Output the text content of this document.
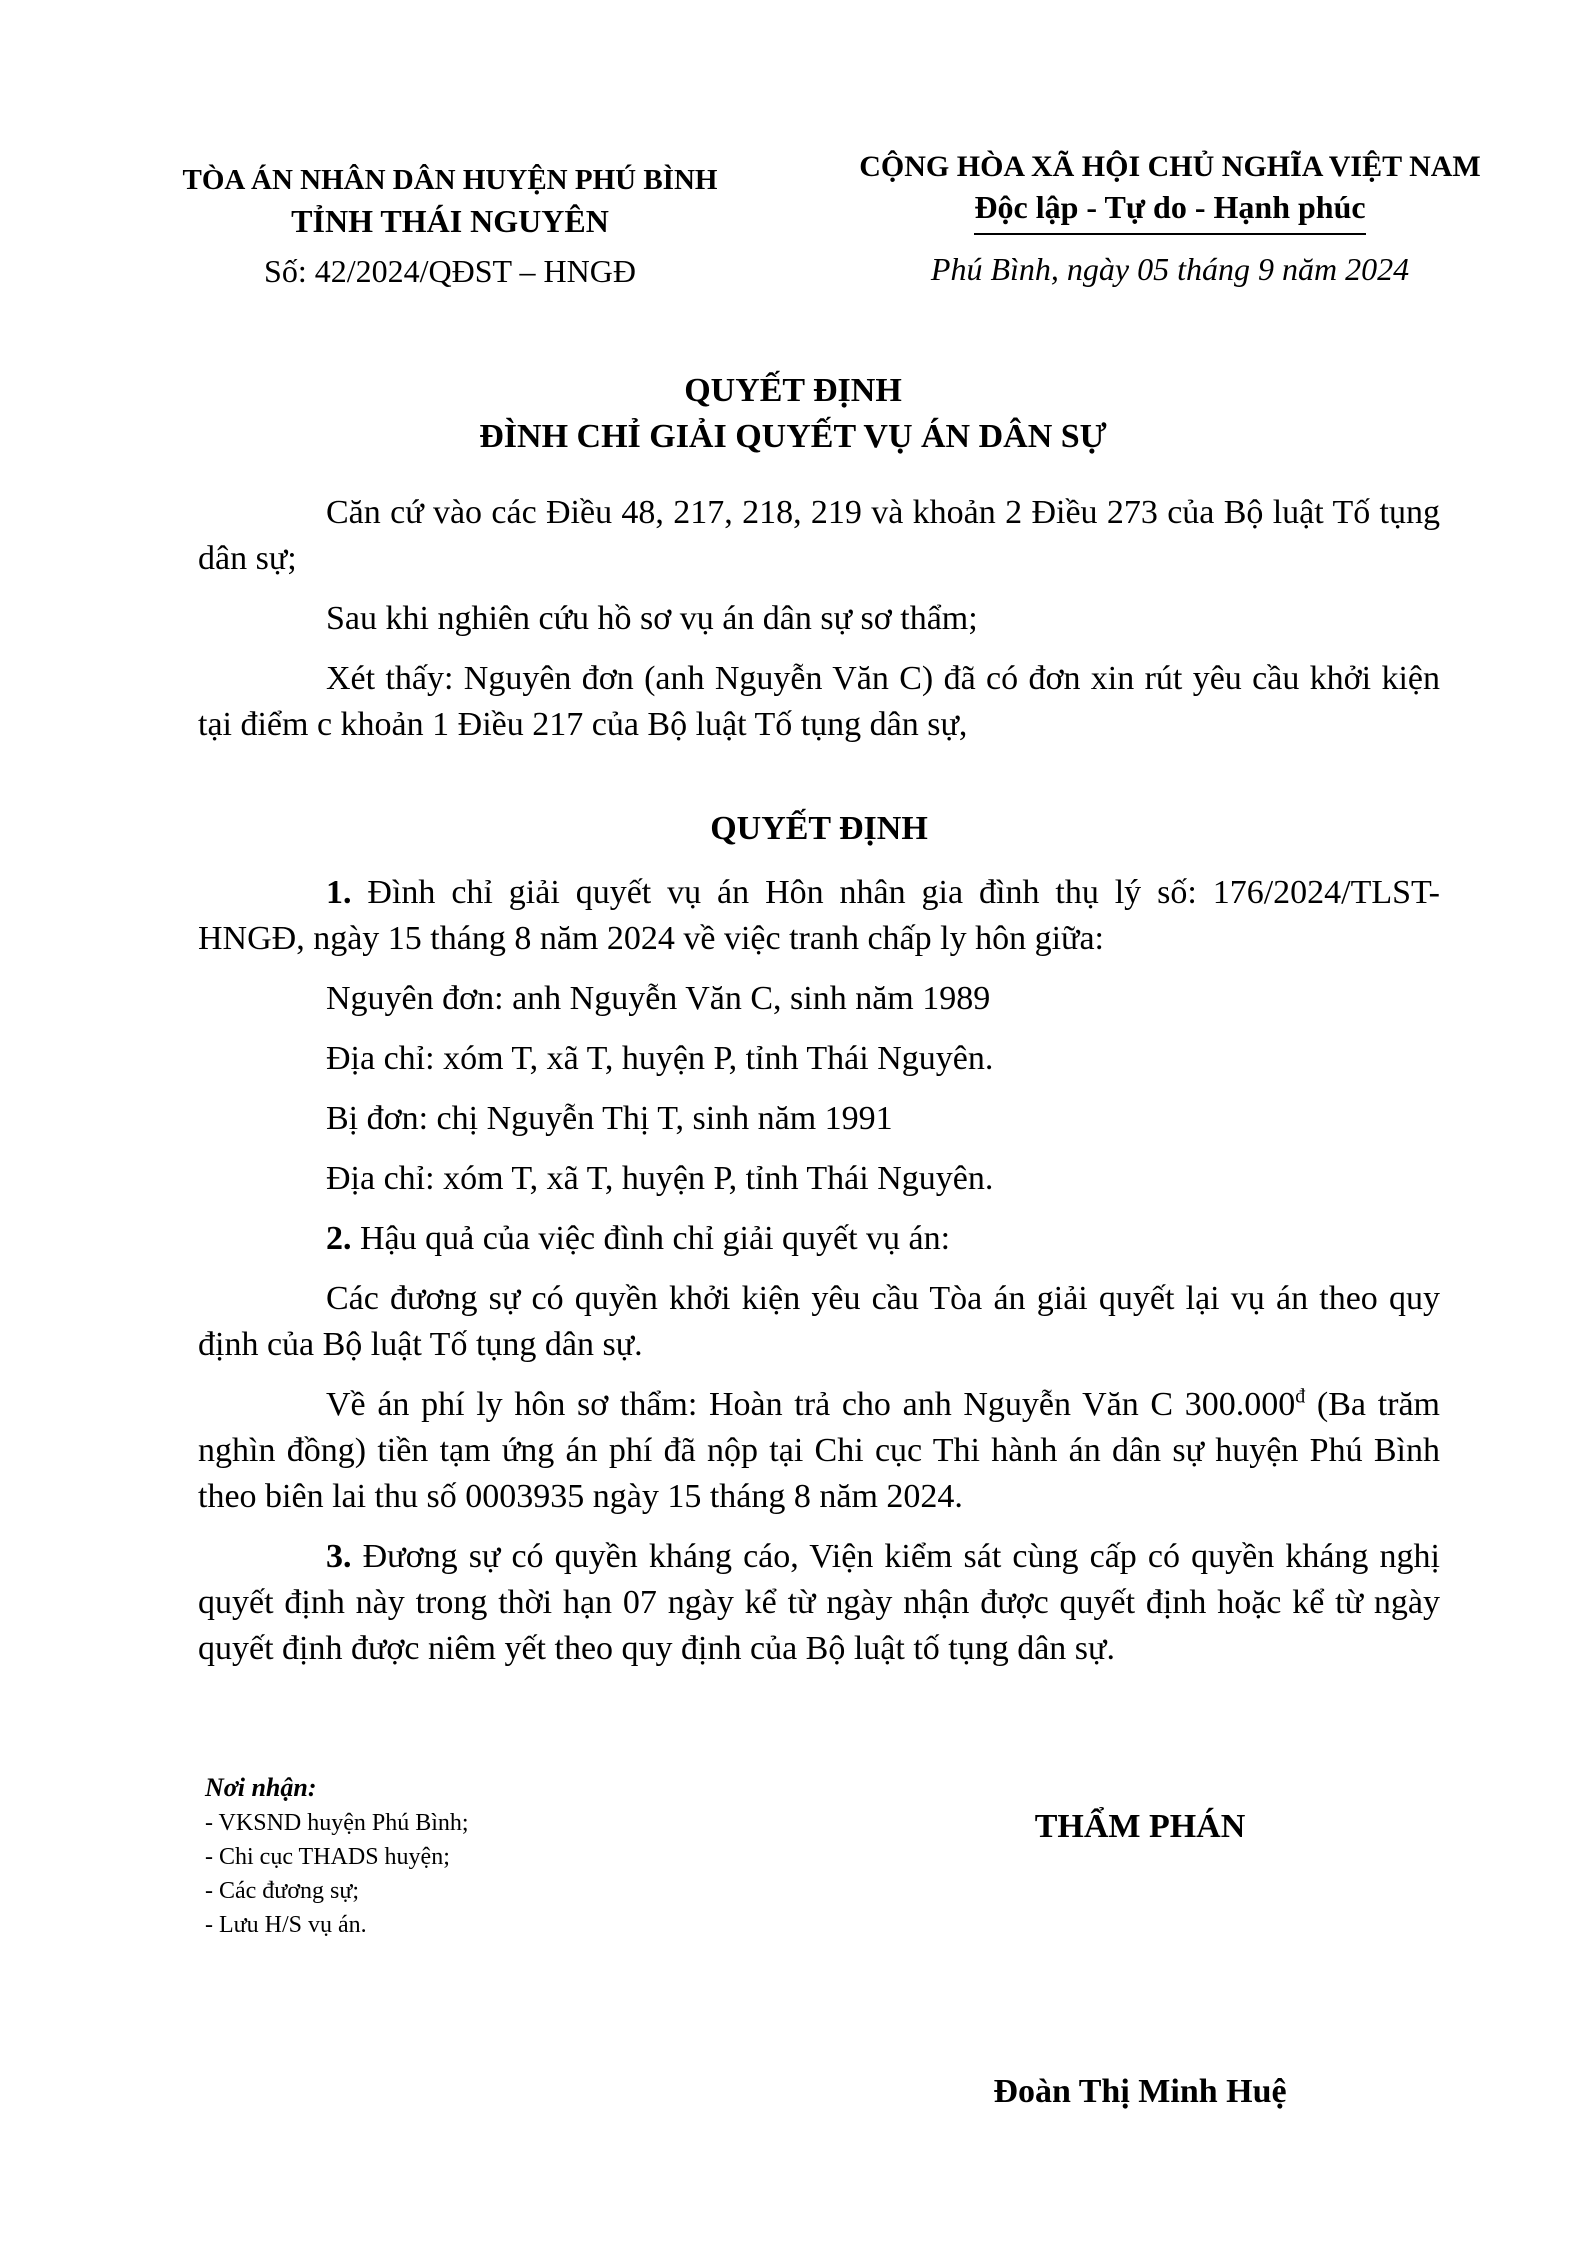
TÒA ÁN NHÂN DÂN HUYỆN PHÚ BÌNH
TỈNH THÁI NGUYÊN
Số: 42/2024/QĐST – HNGĐ
CỘNG HÒA XÃ HỘI CHỦ NGHĨA VIỆT NAM
Độc lập - Tự do - Hạnh phúc
Phú Bình, ngày 05 tháng 9 năm 2024
QUYẾT ĐỊNH
ĐÌNH CHỈ GIẢI QUYẾT VỤ ÁN DÂN SỰ

Căn cứ vào các Điều 48, 217, 218, 219 và khoản 2 Điều 273 của Bộ luật Tố tụng dân sự;

Sau khi nghiên cứu hồ sơ vụ án dân sự sơ thẩm;

Xét thấy: Nguyên đơn (anh Nguyễn Văn C) đã có đơn xin rút yêu cầu khởi kiện tại điểm c khoản 1 Điều 217 của Bộ luật Tố tụng dân sự,

QUYẾT ĐỊNH

1. Đình chỉ giải quyết vụ án Hôn nhân gia đình thụ lý số: 176/2024/TLST-HNGĐ, ngày 15 tháng 8 năm 2024 về việc tranh chấp ly hôn giữa:

Nguyên đơn: anh Nguyễn Văn C, sinh năm 1989

Địa chỉ: xóm T, xã T, huyện P, tỉnh Thái Nguyên.

Bị đơn: chị Nguyễn Thị T, sinh năm 1991

Địa chỉ: xóm T, xã T, huyện P, tỉnh Thái Nguyên.

2. Hậu quả của việc đình chỉ giải quyết vụ án:

Các đương sự có quyền khởi kiện yêu cầu Tòa án giải quyết lại vụ án theo quy định của Bộ luật Tố tụng dân sự.

Về án phí ly hôn sơ thẩm: Hoàn trả cho anh Nguyễn Văn C $300.000^đ$ (Ba trăm nghìn đồng) tiền tạm ứng án phí đã nộp tại Chi cục Thi hành án dân sự huyện Phú Bình theo biên lai thu số 0003935 ngày 15 tháng 8 năm 2024.

3. Đương sự có quyền kháng cáo, Viện kiểm sát cùng cấp có quyền kháng nghị quyết định này trong thời hạn 07 ngày kể từ ngày nhận được quyết định hoặc kể từ ngày quyết định được niêm yết theo quy định của Bộ luật tố tụng dân sự.

Nơi nhận:
- VKSND huyện Phú Bình;
- Chi cục THADS huyện;
- Các đương sự;
- Lưu H/S vụ án.
THẨM PHÁN
Đoàn Thị Minh Huệ
